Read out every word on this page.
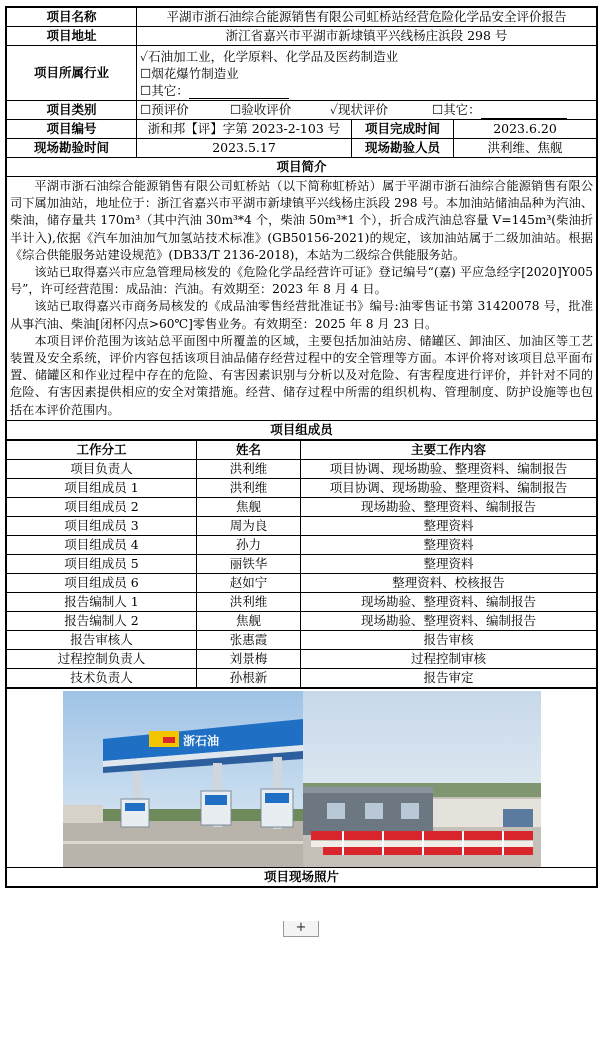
项目名称	平湖市浙石油综合能源销售有限公司虹桥站经营危险化学品安全评价报告		
项目地址	浙江省嘉兴市平湖市新埭镇平兴线杨庄浜段 298 号		
项目所属行业	✓石油加工业，化学原料、化学品及医药制造业
☐烟花爆竹制造业
☐其它：		

项目类别	☐预评价 ☐验收评价 ✓现状评价 ☐其它：		
项目编号	浙和邦【评】字第 2023-2-103 号	项目完成时间	2023.6.20
现场勘验时间	2023.5.17	现场勘验人员	洪利维、焦舰
项目简介			

平湖市浙石油综合能源销售有限公司虹桥站（以下简称虹桥站）属于平湖市浙石油综合能源销售有限公司下属加油站，地址位于：浙江省嘉兴市平湖市新埭镇平兴线杨庄浜段 298 号。本加油站储油品种为汽油、柴油，储存量共 170m³（其中汽油 30m³*4 个，柴油 50m³*1 个），折合成汽油总容量 V=145m³(柴油折半计入),依据《汽车加油加气加氢站技术标准》(GB50156-2021)的规定，该加油站属于二级加油站。根据《综合供能服务站建设规范》(DB33/T 2136-2018)，本站为二级综合供能服务站。

该站已取得嘉兴市应急管理局核发的《危险化学品经营许可证》登记编号“(嘉) 平应急经字[2020]Y005 号”，许可经营范围：成品油：汽油。有效期至：2023 年 8 月 4 日。

该站已取得嘉兴市商务局核发的《成品油零售经营批准证书》编号:油零售证书第 31420078 号，批准从事汽油、柴油[闭杯闪点>60℃]零售业务。有效期至：2025 年 8 月 23 日。

本项目评价范围为该站总平面图中所覆盖的区域，主要包括加油站房、储罐区、卸油区、加油区等工艺装置及安全系统，评价内容包括该项目油品储存经营过程中的安全管理等方面。本评价将对该项目总平面布置、储罐区和作业过程中存在的危险、有害因素识别与分析以及对危险、有害程度进行评价，并针对不同的危险、有害因素提供相应的安全对策措施。经营、储存过程中所需的组织机构、管理制度、防护设施等也包括在本评价范围内。			

项目组成员			
工作分工	姓名	主要工作内容
项目负责人	洪利维	项目协调、现场勘验、整理资料、编制报告
项目组成员 1	洪利维	项目协调、现场勘验、整理资料、编制报告
项目组成员 2	焦舰	现场勘验、整理资料、编制报告
项目组成员 3	周为良	整理资料
项目组成员 4	孙力	整理资料
项目组成员 5	丽铁华	整理资料
项目组成员 6	赵如宁	整理资料、校核报告
报告编制人 1	洪利维	现场勘验、整理资料、编制报告
报告编制人 2	焦舰	现场勘验、整理资料、编制报告
报告审核人	张惠霞	报告审核
过程控制负责人	刘景梅	过程控制审核
技术负责人	孙根新	报告审定
浙石油

项目现场照片
+
